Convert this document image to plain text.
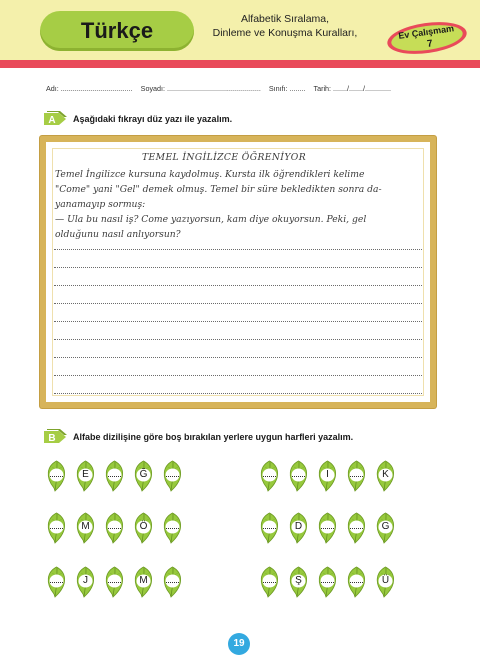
Türkçe	Alfabetik Sıralama,
Dinleme ve Konuşma Kuralları,	Ev Çalışmam
7
Adı: ....................................    Soyadı: ...............................................    Sınıfı: ........    Tarih: ......./......./.............
A Aşağıdaki fıkrayı düz yazı ile yazalım.
TEMEL İNGİLİZCE ÖĞRENİYOR
Temel İngilizce kursuna kaydolmuş. Kursta ilk öğrendikleri kelime
"Come" yani "Gel" demek olmuş. Temel bir süre bekledikten sonra da-
yanamayıp sormuş:
— Ula bu nasıl iş? Come yazıyorsun, kam diye okuyorsun. Peki, gel
olduğunu nasıl anlıyorsun?
B Alfabe dizilişine göre boş bırakılan yerlere uygun harfleri yazalım.
E	Ğ	I	K
M	Ö	D	G
J	M	Ş	Ü
19
